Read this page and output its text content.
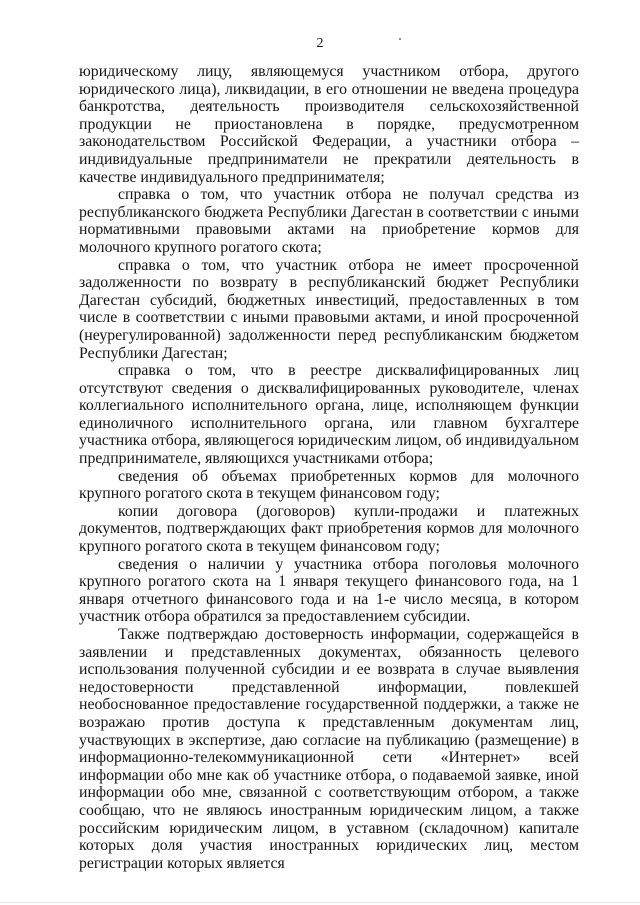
2

юридическому лицу, являющемуся участником отбора, другого юридического лица), ликвидации, в его отношении не введена процедура банкротства, деятельность производителя сельскохозяйственной продукции не приостановлена в порядке, предусмотренном законодательством Российской Федерации, а участники отбора – индивидуальные предприниматели не прекратили деятельность в качестве индивидуального предпринимателя;

справка о том, что участник отбора не получал средства из республиканского бюджета Республики Дагестан в соответствии с иными нормативными правовыми актами на приобретение кормов для молочного крупного рогатого скота;

справка о том, что участник отбора не имеет просроченной задолженности по возврату в республиканский бюджет Республики Дагестан субсидий, бюджетных инвестиций, предоставленных в том числе в соответствии с иными правовыми актами, и иной просроченной (неурегулированной) задолженности перед республиканским бюджетом Республики Дагестан;

справка о том, что в реестре дисквалифицированных лиц отсутствуют сведения о дисквалифицированных руководителе, членах коллегиального исполнительного органа, лице, исполняющем функции единоличного исполнительного органа, или главном бухгалтере участника отбора, являющегося юридическим лицом, об индивидуальном предпринимателе, являющихся участниками отбора;

сведения об объемах приобретенных кормов для молочного крупного рогатого скота в текущем финансовом году;

копии договора (договоров) купли-продажи и платежных документов, подтверждающих факт приобретения кормов для молочного крупного рогатого скота в текущем финансовом году;

сведения о наличии у участника отбора поголовья молочного крупного рогатого скота на 1 января текущего финансового года, на 1 января отчетного финансового года и на 1-е число месяца, в котором участник отбора обратился за предоставлением субсидии.

Также подтверждаю достоверность информации, содержащейся в заявлении и представленных документах, обязанность целевого использования полученной субсидии и ее возврата в случае выявления недостоверности представленной информации, повлекшей необоснованное предоставление государственной поддержки, а также не возражаю против доступа к представленным документам лиц, участвующих в экспертизе, даю согласие на публикацию (размещение) в информационно-телекоммуникационной сети «Интернет» всей информации обо мне как об участнике отбора, о подаваемой заявке, иной информации обо мне, связанной с соответствующим отбором, а также сообщаю, что не являюсь иностранным юридическим лицом, а также российским юридическим лицом, в уставном (складочном) капитале которых доля участия иностранных юридических лиц, местом регистрации которых является
